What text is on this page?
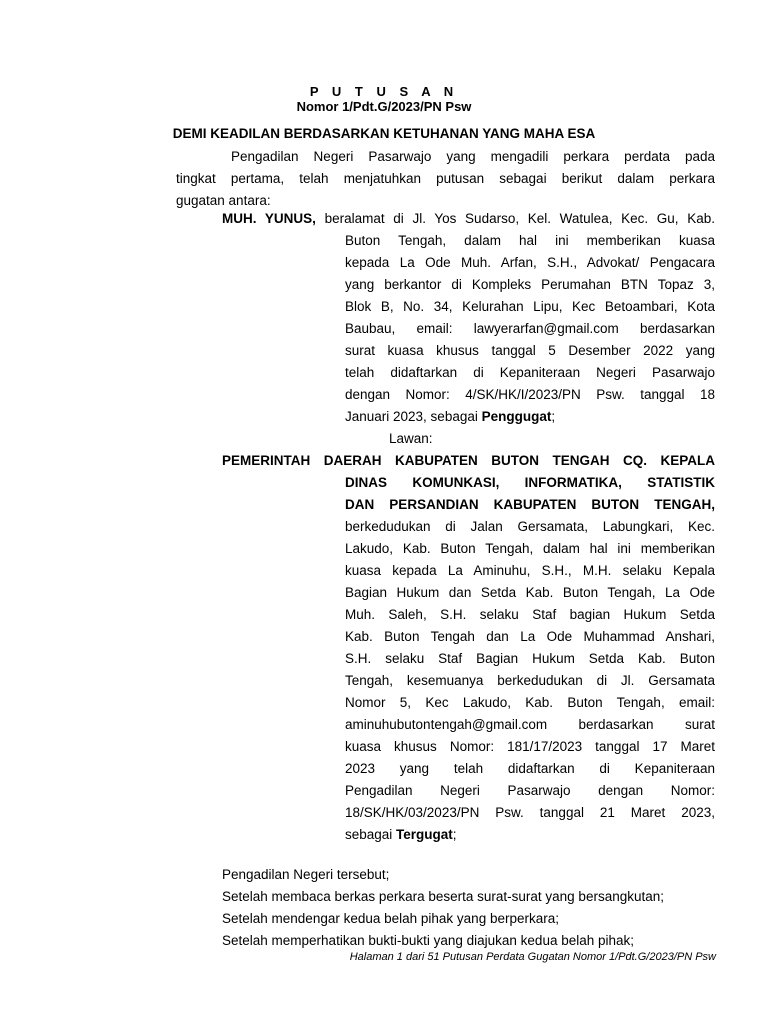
P U T U S A N
Nomor 1/Pdt.G/2023/PN Psw
DEMI KEADILAN BERDASARKAN KETUHANAN YANG MAHA ESA
Pengadilan Negeri Pasarwajo yang mengadili perkara perdata pada
tingkat pertama, telah menjatuhkan putusan sebagai berikut dalam perkara
gugatan antara:
MUH. YUNUS, beralamat di Jl. Yos Sudarso, Kel. Watulea, Kec. Gu, Kab.
Buton Tengah, dalam hal ini memberikan kuasa
kepada La Ode Muh. Arfan, S.H., Advokat/ Pengacara
yang berkantor di Kompleks Perumahan BTN Topaz 3,
Blok B, No. 34, Kelurahan Lipu, Kec Betoambari, Kota
Baubau, email: lawyerarfan@gmail.com berdasarkan
surat kuasa khusus tanggal 5 Desember 2022 yang
telah didaftarkan di Kepaniteraan Negeri Pasarwajo
dengan Nomor: 4/SK/HK/I/2023/PN Psw. tanggal 18
Januari 2023, sebagai Penggugat;
Lawan:
PEMERINTAH DAERAH KABUPATEN BUTON TENGAH CQ. KEPALA
DINAS KOMUNKASI, INFORMATIKA, STATISTIK
DAN PERSANDIAN KABUPATEN BUTON TENGAH,
berkedudukan di Jalan Gersamata, Labungkari, Kec.
Lakudo, Kab. Buton Tengah, dalam hal ini memberikan
kuasa kepada La Aminuhu, S.H., M.H. selaku Kepala
Bagian Hukum dan Setda Kab. Buton Tengah, La Ode
Muh. Saleh, S.H. selaku Staf bagian Hukum Setda
Kab. Buton Tengah dan La Ode Muhammad Anshari,
S.H. selaku Staf Bagian Hukum Setda Kab. Buton
Tengah, kesemuanya berkedudukan di Jl. Gersamata
Nomor 5, Kec Lakudo, Kab. Buton Tengah, email:
aminuhubutontengah@gmail.com berdasarkan surat
kuasa khusus Nomor: 181/17/2023 tanggal 17 Maret
2023 yang telah didaftarkan di Kepaniteraan
Pengadilan Negeri Pasarwajo dengan Nomor:
18/SK/HK/03/2023/PN Psw. tanggal 21 Maret 2023,
sebagai Tergugat;
Pengadilan Negeri tersebut;
Setelah membaca berkas perkara beserta surat-surat yang bersangkutan;
Setelah mendengar kedua belah pihak yang berperkara;
Setelah memperhatikan bukti-bukti yang diajukan kedua belah pihak;
Halaman 1 dari 51 Putusan Perdata Gugatan Nomor 1/Pdt.G/2023/PN Psw
